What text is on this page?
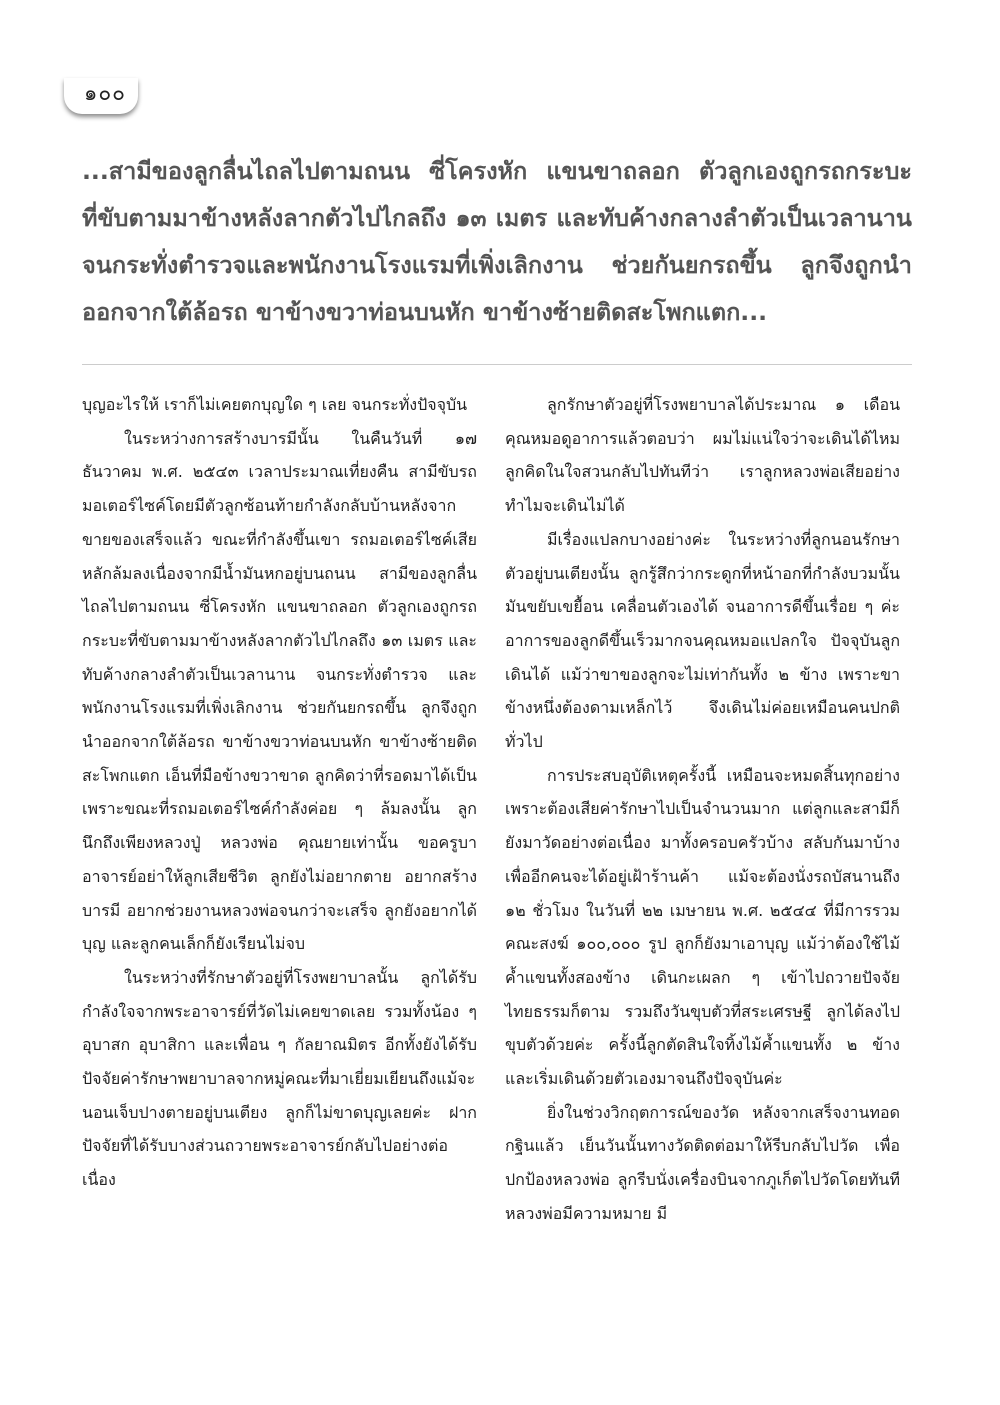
๑๐๐
...สามีของลูกลื่นไถลไปตามถนน ซี่โครงหัก แขนขาถลอก ตัวลูกเองถูกรถกระบะ
ที่ขับตามมาข้างหลังลากตัวไปไกลถึง ๑๓ เมตร และทับค้างกลางลำตัวเป็นเวลานาน
จนกระทั่งตำรวจและพนักงานโรงแรมที่เพิ่งเลิกงาน ช่วยกันยกรถขึ้น ลูกจึงถูกนำ
ออกจากใต้ล้อรถ ขาข้างขวาท่อนบนหัก ขาข้างซ้ายติดสะโพกแตก...

บุญอะไรให้ เราก็ไม่เคยตกบุญใด ๆ เลย จนกระทั่งปัจจุบัน

ในระหว่างการสร้างบารมีนั้น ในคืนวันที่ ๑๗ ธันวาคม พ.ศ. ๒๕๔๓ เวลาประมาณเที่ยงคืน สามีขับรถมอเตอร์ไซค์โดยมีตัวลูกซ้อนท้ายกำลังกลับบ้านหลังจากขายของเสร็จแล้ว ขณะที่กำลังขึ้นเขา รถมอเตอร์ไซค์เสียหลักล้มลงเนื่องจากมีน้ำมันหกอยู่บนถนน สามีของลูกลื่นไถลไปตามถนน ซี่โครงหัก แขนขาถลอก ตัวลูกเองถูกรถกระบะที่ขับตามมาข้างหลังลากตัวไปไกลถึง ๑๓ เมตร และทับค้างกลางลำตัวเป็นเวลานาน จนกระทั่งตำรวจ และพนักงานโรงแรมที่เพิ่งเลิกงาน ช่วยกันยกรถขึ้น ลูกจึงถูกนำออกจากใต้ล้อรถ ขาข้างขวาท่อนบนหัก ขาข้างซ้ายติดสะโพกแตก เอ็นที่มือข้างขวาขาด ลูกคิดว่าที่รอดมาได้เป็นเพราะขณะที่รถมอเตอร์ไซค์กำลังค่อย ๆ ล้มลงนั้น ลูกนึกถึงเพียงหลวงปู่ หลวงพ่อ คุณยายเท่านั้น ขอครูบาอาจารย์อย่าให้ลูกเสียชีวิต ลูกยังไม่อยากตาย อยากสร้างบารมี อยากช่วยงานหลวงพ่อจนกว่าจะเสร็จ ลูกยังอยากได้บุญ และลูกคนเล็กก็ยังเรียนไม่จบ

ในระหว่างที่รักษาตัวอยู่ที่โรงพยาบาลนั้น ลูกได้รับกำลังใจจากพระอาจารย์ที่วัดไม่เคยขาดเลย รวมทั้งน้อง ๆ อุบาสก อุบาสิกา และเพื่อน ๆ กัลยาณมิตร อีกทั้งยังได้รับปัจจัยค่ารักษาพยาบาลจากหมู่คณะที่มาเยี่ยมเยียนถึงแม้จะนอนเจ็บปางตายอยู่บนเตียง ลูกก็ไม่ขาดบุญเลยค่ะ ฝากปัจจัยที่ได้รับบางส่วนถวายพระอาจารย์กลับไปอย่างต่อเนื่อง

ลูกรักษาตัวอยู่ที่โรงพยาบาลได้ประมาณ ๑ เดือน คุณหมอดูอาการแล้วตอบว่า ผมไม่แน่ใจว่าจะเดินได้ไหม ลูกคิดในใจสวนกลับไปทันทีว่า เราลูกหลวงพ่อเสียอย่าง ทำไมจะเดินไม่ได้

มีเรื่องแปลกบางอย่างค่ะ ในระหว่างที่ลูกนอนรักษาตัวอยู่บนเตียงนั้น ลูกรู้สึกว่ากระดูกที่หน้าอกที่กำลังบวมนั้นมันขยับเขยื้อน เคลื่อนตัวเองได้ จนอาการดีขึ้นเรื่อย ๆ ค่ะ อาการของลูกดีขึ้นเร็วมากจนคุณหมอแปลกใจ ปัจจุบันลูกเดินได้ แม้ว่าขาของลูกจะไม่เท่ากันทั้ง ๒ ข้าง เพราะขาข้างหนึ่งต้องดามเหล็กไว้ จึงเดินไม่ค่อยเหมือนคนปกติทั่วไป

การประสบอุบัติเหตุครั้งนี้ เหมือนจะหมดสิ้นทุกอย่าง เพราะต้องเสียค่ารักษาไปเป็นจำนวนมาก แต่ลูกและสามีก็ยังมาวัดอย่างต่อเนื่อง มาทั้งครอบครัวบ้าง สลับกันมาบ้าง เพื่ออีกคนจะได้อยู่เฝ้าร้านค้า แม้จะต้องนั่งรถบัสนานถึง ๑๒ ชั่วโมง ในวันที่ ๒๒ เมษายน พ.ศ. ๒๕๔๔ ที่มีการรวมคณะสงฆ์ ๑๐๐,๐๐๐ รูป ลูกก็ยังมาเอาบุญ แม้ว่าต้องใช้ไม้ค้ำแขนทั้งสองข้าง เดินกะเผลก ๆ เข้าไปถวายปัจจัยไทยธรรมก็ตาม รวมถึงวันขุบตัวที่สระเศรษฐี ลูกได้ลงไปขุบตัวด้วยค่ะ ครั้งนี้ลูกตัดสินใจทิ้งไม้ค้ำแขนทั้ง ๒ ข้าง และเริ่มเดินด้วยตัวเองมาจนถึงปัจจุบันค่ะ

ยิ่งในช่วงวิกฤตการณ์ของวัด หลังจากเสร็จงานทอดกฐินแล้ว เย็นวันนั้นทางวัดติดต่อมาให้รีบกลับไปวัด เพื่อปกป้องหลวงพ่อ ลูกรีบนั่งเครื่องบินจากภูเก็ตไปวัดโดยทันที หลวงพ่อมีความหมาย มี
